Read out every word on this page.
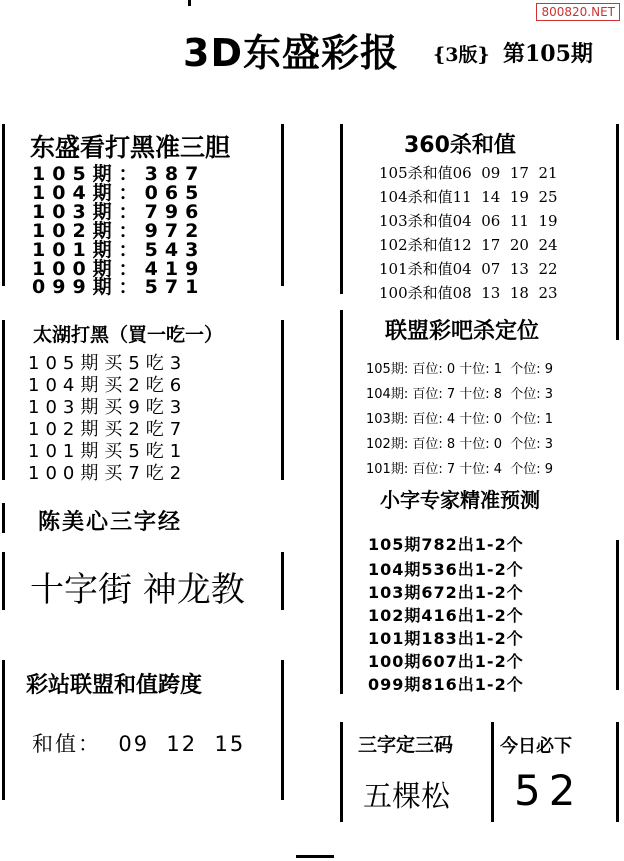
800820.NET
3D东盛彩报 {3版} 第105期
东盛看打黑准三胆
105期：387
104期：065
103期：796
102期：972
101期：543
100期：419
099期：571
太湖打黑（買一吃一）
105期买5吃3
104期买2吃6
103期买9吃3
102期买2吃7
101期买5吃1
100期买7吃2
陈美心三字经
十字街 神龙教
彩站联盟和值跨度
和值：  09  12  15
360杀和值
105杀和值06  09  17  21
104杀和值11  14  19  25
103杀和值04  06  11  19
102杀和值12  17  20  24
101杀和值04  07  13  22
100杀和值08  13  18  23
联盟彩吧杀定位
105期: 百位: 0 十位: 1  个位: 9
104期: 百位: 7 十位: 8  个位: 3
103期: 百位: 4 十位: 0  个位: 1
102期: 百位: 8 十位: 0  个位: 3
101期: 百位: 7 十位: 4  个位: 9
小字专家精准预测
105期782出1-2个
104期536出1-2个
103期672出1-2个
102期416出1-2个
101期183出1-2个
100期607出1-2个
099期816出1-2个
三字定三码
五棵松
今日必下
52
